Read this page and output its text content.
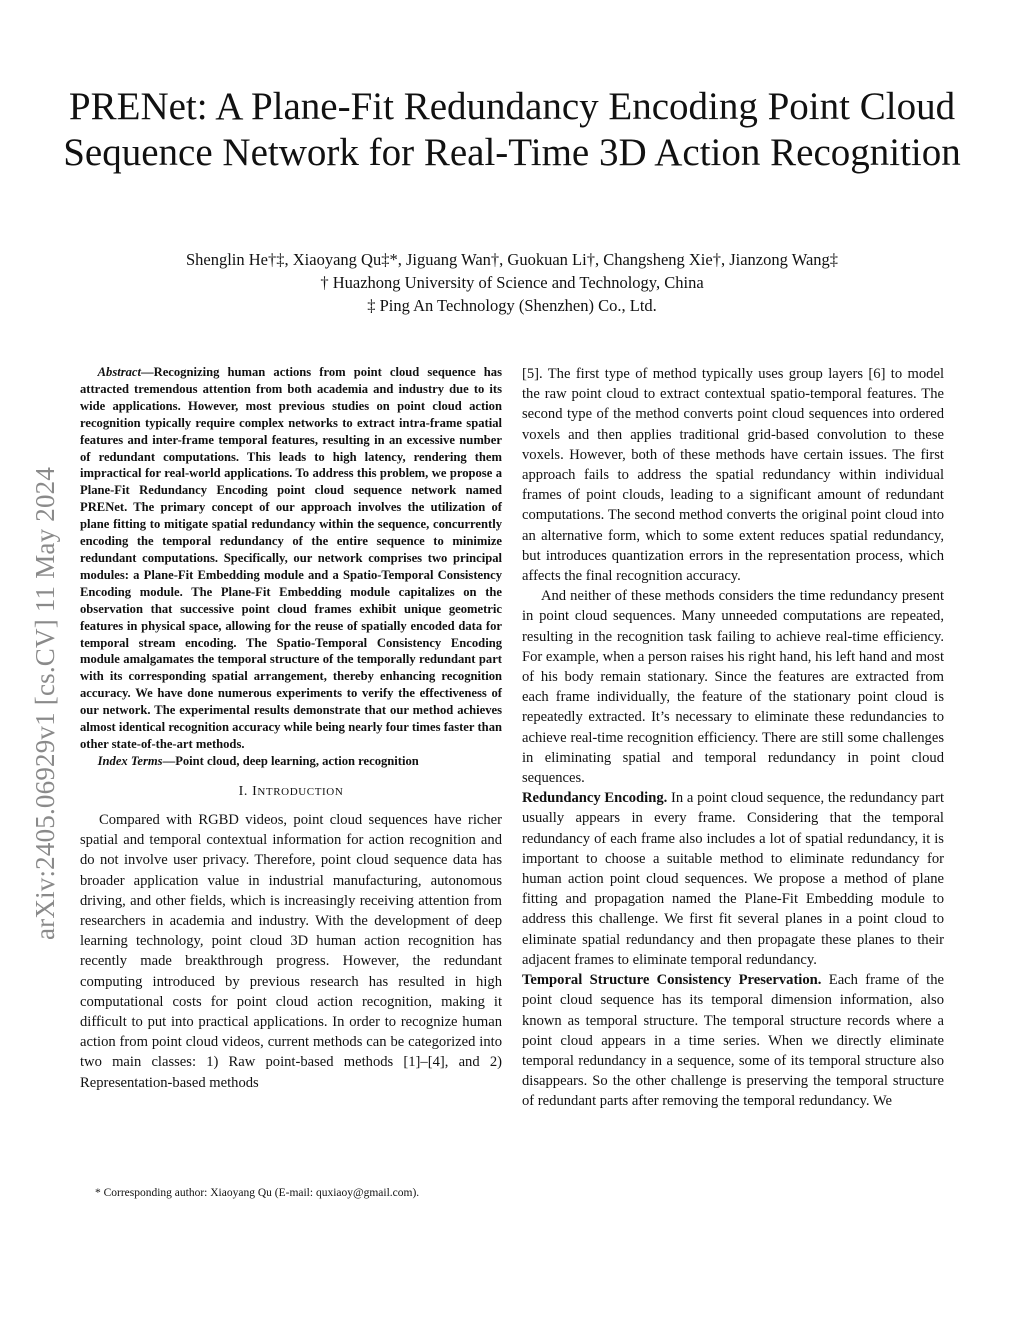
PRENet: A Plane-Fit Redundancy Encoding Point Cloud Sequence Network for Real-Time 3D Action Recognition
Shenglin He†‡, Xiaoyang Qu‡*, Jiguang Wan†, Guokuan Li†, Changsheng Xie†, Jianzong Wang‡
† Huazhong University of Science and Technology, China
‡ Ping An Technology (Shenzhen) Co., Ltd.
arXiv:2405.06929v1 [cs.CV] 11 May 2024

Abstract—Recognizing human actions from point cloud sequence has attracted tremendous attention from both academia and industry due to its wide applications. However, most previous studies on point cloud action recognition typically require complex networks to extract intra-frame spatial features and inter-frame temporal features, resulting in an excessive number of redundant computations. This leads to high latency, rendering them impractical for real-world applications. To address this problem, we propose a Plane-Fit Redundancy Encoding point cloud sequence network named PRENet. The primary concept of our approach involves the utilization of plane fitting to mitigate spatial redundancy within the sequence, concurrently encoding the temporal redundancy of the entire sequence to minimize redundant computations. Specifically, our network comprises two principal modules: a Plane-Fit Embedding module and a Spatio-Temporal Consistency Encoding module. The Plane-Fit Embedding module capitalizes on the observation that successive point cloud frames exhibit unique geometric features in physical space, allowing for the reuse of spatially encoded data for temporal stream encoding. The Spatio-Temporal Consistency Encoding module amalgamates the temporal structure of the temporally redundant part with its corresponding spatial arrangement, thereby enhancing recognition accuracy. We have done numerous experiments to verify the effectiveness of our network. The experimental results demonstrate that our method achieves almost identical recognition accuracy while being nearly four times faster than other state-of-the-art methods.

Index Terms—Point cloud, deep learning, action recognition

I. INTRODUCTION

Compared with RGBD videos, point cloud sequences have richer spatial and temporal contextual information for action recognition and do not involve user privacy. Therefore, point cloud sequence data has broader application value in industrial manufacturing, autonomous driving, and other fields, which is increasingly receiving attention from researchers in academia and industry. With the development of deep learning technology, point cloud 3D human action recognition has recently made breakthrough progress. However, the redundant computing introduced by previous research has resulted in high computational costs for point cloud action recognition, making it difficult to put into practical applications. In order to recognize human action from point cloud videos, current methods can be categorized into two main classes: 1) Raw point-based methods [1]–[4], and 2) Representation-based methods

* Corresponding author: Xiaoyang Qu (E-mail: quxiaoy@gmail.com).

[5]. The first type of method typically uses group layers [6] to model the raw point cloud to extract contextual spatio-temporal features. The second type of the method converts point cloud sequences into ordered voxels and then applies traditional grid-based convolution to these voxels. However, both of these methods have certain issues. The first approach fails to address the spatial redundancy within individual frames of point clouds, leading to a significant amount of redundant computations. The second method converts the original point cloud into an alternative form, which to some extent reduces spatial redundancy, but introduces quantization errors in the representation process, which affects the final recognition accuracy.

And neither of these methods considers the time redundancy present in point cloud sequences. Many unneeded computations are repeated, resulting in the recognition task failing to achieve real-time efficiency. For example, when a person raises his right hand, his left hand and most of his body remain stationary. Since the features are extracted from each frame individually, the feature of the stationary point cloud is repeatedly extracted. It’s necessary to eliminate these redundancies to achieve real-time recognition efficiency. There are still some challenges in eliminating spatial and temporal redundancy in point cloud sequences.

Redundancy Encoding. In a point cloud sequence, the redundancy part usually appears in every frame. Considering that the temporal redundancy of each frame also includes a lot of spatial redundancy, it is important to choose a suitable method to eliminate redundancy for human action point cloud sequences. We propose a method of plane fitting and propagation named the Plane-Fit Embedding module to address this challenge. We first fit several planes in a point cloud to eliminate spatial redundancy and then propagate these planes to their adjacent frames to eliminate temporal redundancy.

Temporal Structure Consistency Preservation. Each frame of the point cloud sequence has its temporal dimension information, also known as temporal structure. The temporal structure records where a point cloud appears in a time series. When we directly eliminate temporal redundancy in a sequence, some of its temporal structure also disappears. So the other challenge is preserving the temporal structure of redundant parts after removing the temporal redundancy. We
